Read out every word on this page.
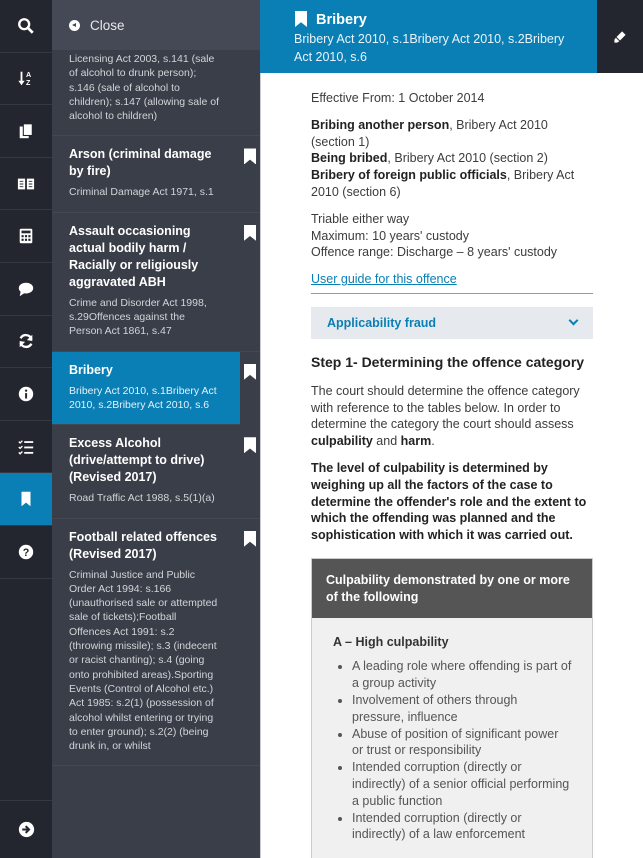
A
Z
?
Close

Licensing Act 2003, s.141 (sale of alcohol to drunk person); s.146 (sale of alcohol to children); s.147 (allowing sale of alcohol to children)

Arson (criminal damage by fire)

Criminal Damage Act 1971, s.1

Assault occasioning actual bodily harm / Racially or religiously aggravated ABH

Crime and Disorder Act 1998, s.29Offences against the Person Act 1861, s.47

Bribery

Bribery Act 2010, s.1Bribery Act 2010, s.2Bribery Act 2010, s.6

Excess Alcohol (drive/attempt to drive) (Revised 2017)

Road Traffic Act 1988, s.5(1)(a)

Football related offences (Revised 2017)

Criminal Justice and Public Order Act 1994: s.166 (unauthorised sale or attempted sale of tickets);Football Offences Act 1991: s.2 (throwing missile); s.3 (indecent or racist chanting); s.4 (going onto prohibited areas).Sporting Events (Control of Alcohol etc.) Act 1985: s.2(1) (possession of alcohol whilst entering or trying to enter ground); s.2(2) (being drunk in, or whilst

Bribery

Bribery Act 2010, s.1Bribery Act 2010, s.2Bribery Act 2010, s.6

Effective From: 1 October 2014

Bribing another person, Bribery Act 2010 (section 1)
Being bribed, Bribery Act 2010 (section 2)
Bribery of foreign public officials, Bribery Act 2010 (section 6)

Triable either way
Maximum: 10 years' custody
Offence range: Discharge – 8 years' custody

User guide for this offence
Applicability fraud
Step 1- Determining the offence category

The court should determine the offence category with reference to the tables below. In order to determine the category the court should assess culpability and harm.

The level of culpability is determined by weighing up all the factors of the case to determine the offender's role and the extent to which the offending was planned and the sophistication with which it was carried out.

Culpability demonstrated by one or more of the following
A – High culpability
• A leading role where offending is part of a group activity
• Involvement of others through pressure, influence
• Abuse of position of significant power or trust or responsibility
• Intended corruption (directly or indirectly) of a senior official performing a public function
• Intended corruption (directly or indirectly) of a law enforcement
